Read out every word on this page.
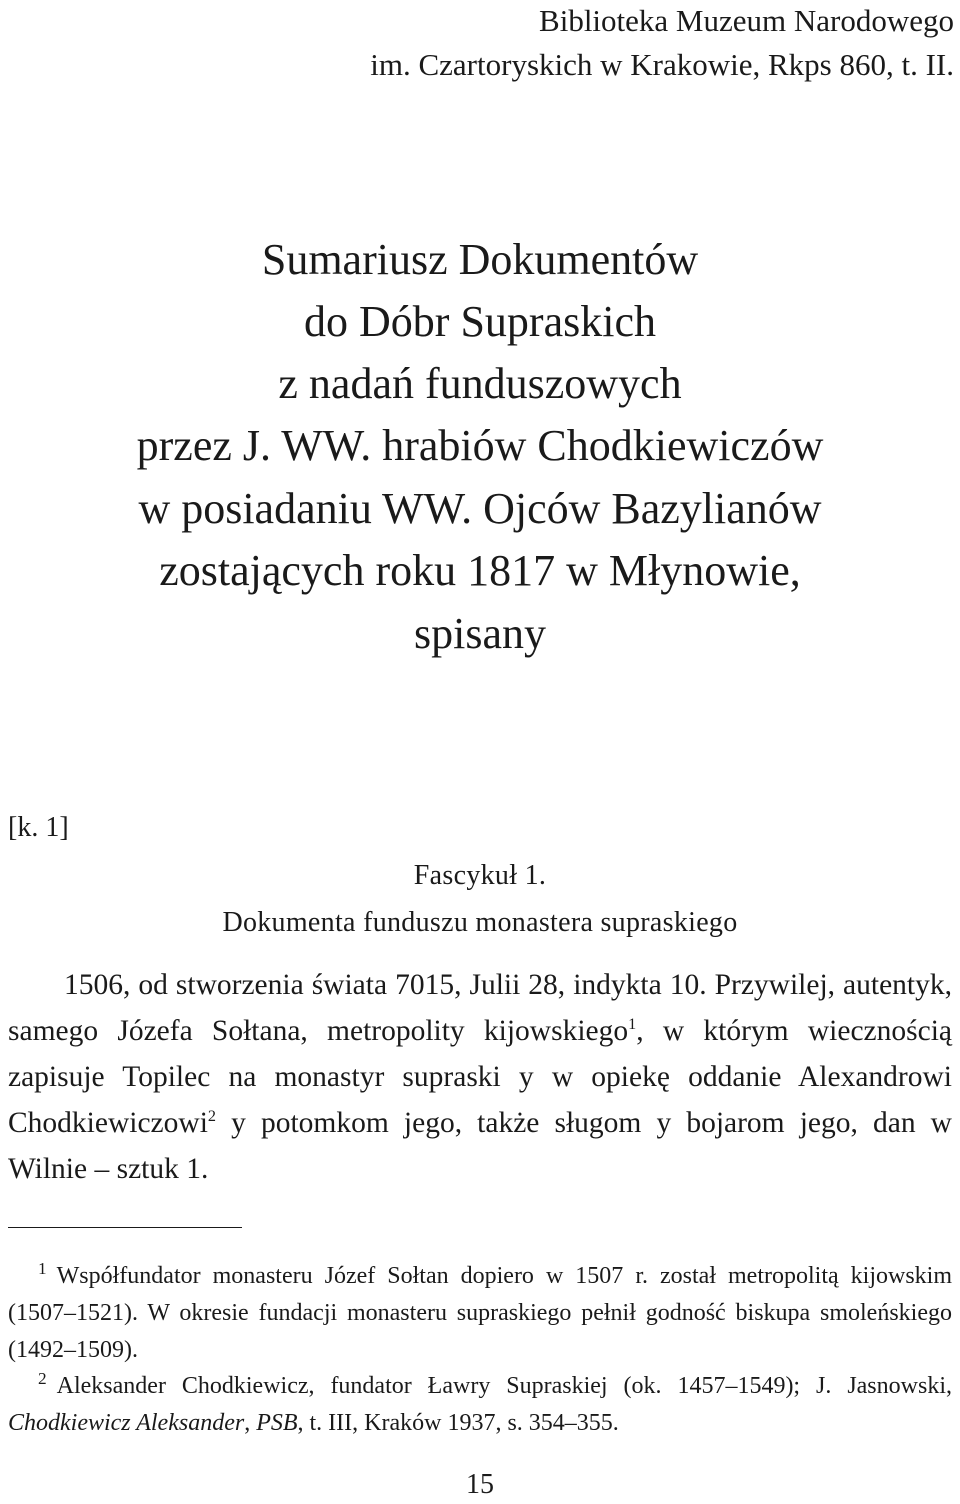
Biblioteka Muzeum Narodowego

im. Czartoryskich w Krakowie, Rkps 860, t. II.

Sumariusz Dokumentów

do Dóbr Supraskich

z nadań funduszowych

przez J. WW. hrabiów Chodkiewiczów

w posiadaniu WW. Ojców Bazylianów

zostających roku 1817 w Młynowie,

spisany

[k. 1]

Fascykuł 1.

Dokumenta funduszu monastera supraskiego

1506, od stworzenia świata 7015, Julii 28, indykta 10. Przywilej, autentyk, samego Józefa Sołtana, metropolity kijowskiego$^1$, w którym wiecznością zapisuje Topilec na monastyr supraski y w opiekę oddanie Alexandrowi Chodkiewiczowi$^2$ y potomkom jego, także sługom y bojarom jego, dan w Wilnie – sztuk 1.

$^1$ Współfundator monasteru Józef Sołtan dopiero w 1507 r. został metropolitą kijowskim (1507–1521). W okresie fundacji monasteru supraskiego pełnił godność biskupa smoleńskiego (1492–1509).

$^2$ Aleksander Chodkiewicz, fundator Ławry Supraskiej (ok. 1457–1549); J. Jasnowski, Chodkiewicz Aleksander, PSB, t. III, Kraków 1937, s. 354–355.

15
